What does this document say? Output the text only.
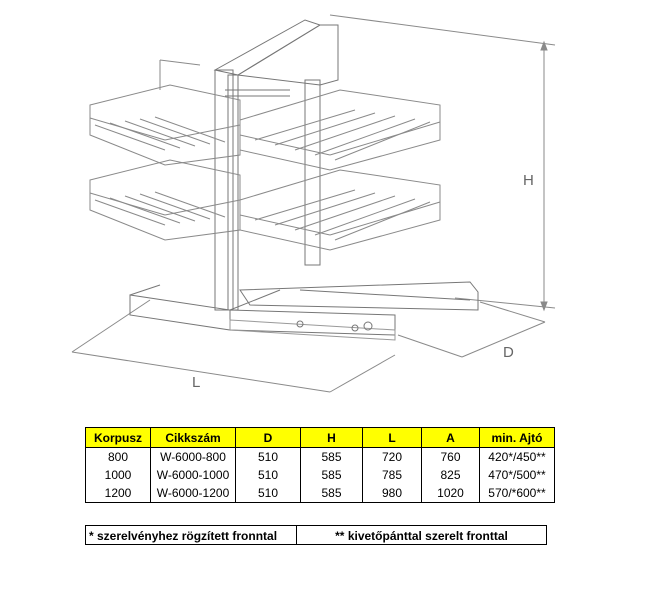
H
D
L
Korpusz	Cikkszám	D	H	L	A	min. Ajtó
800	W-6000-800	510	585	720	760	420*/450**
1000	W-6000-1000	510	585	785	825	470*/500**
1200	W-6000-1200	510	585	980	1020	570/*600**
* szerelvényhez rögzített fronntal	** kivetőpánttal szerelt fronttal
